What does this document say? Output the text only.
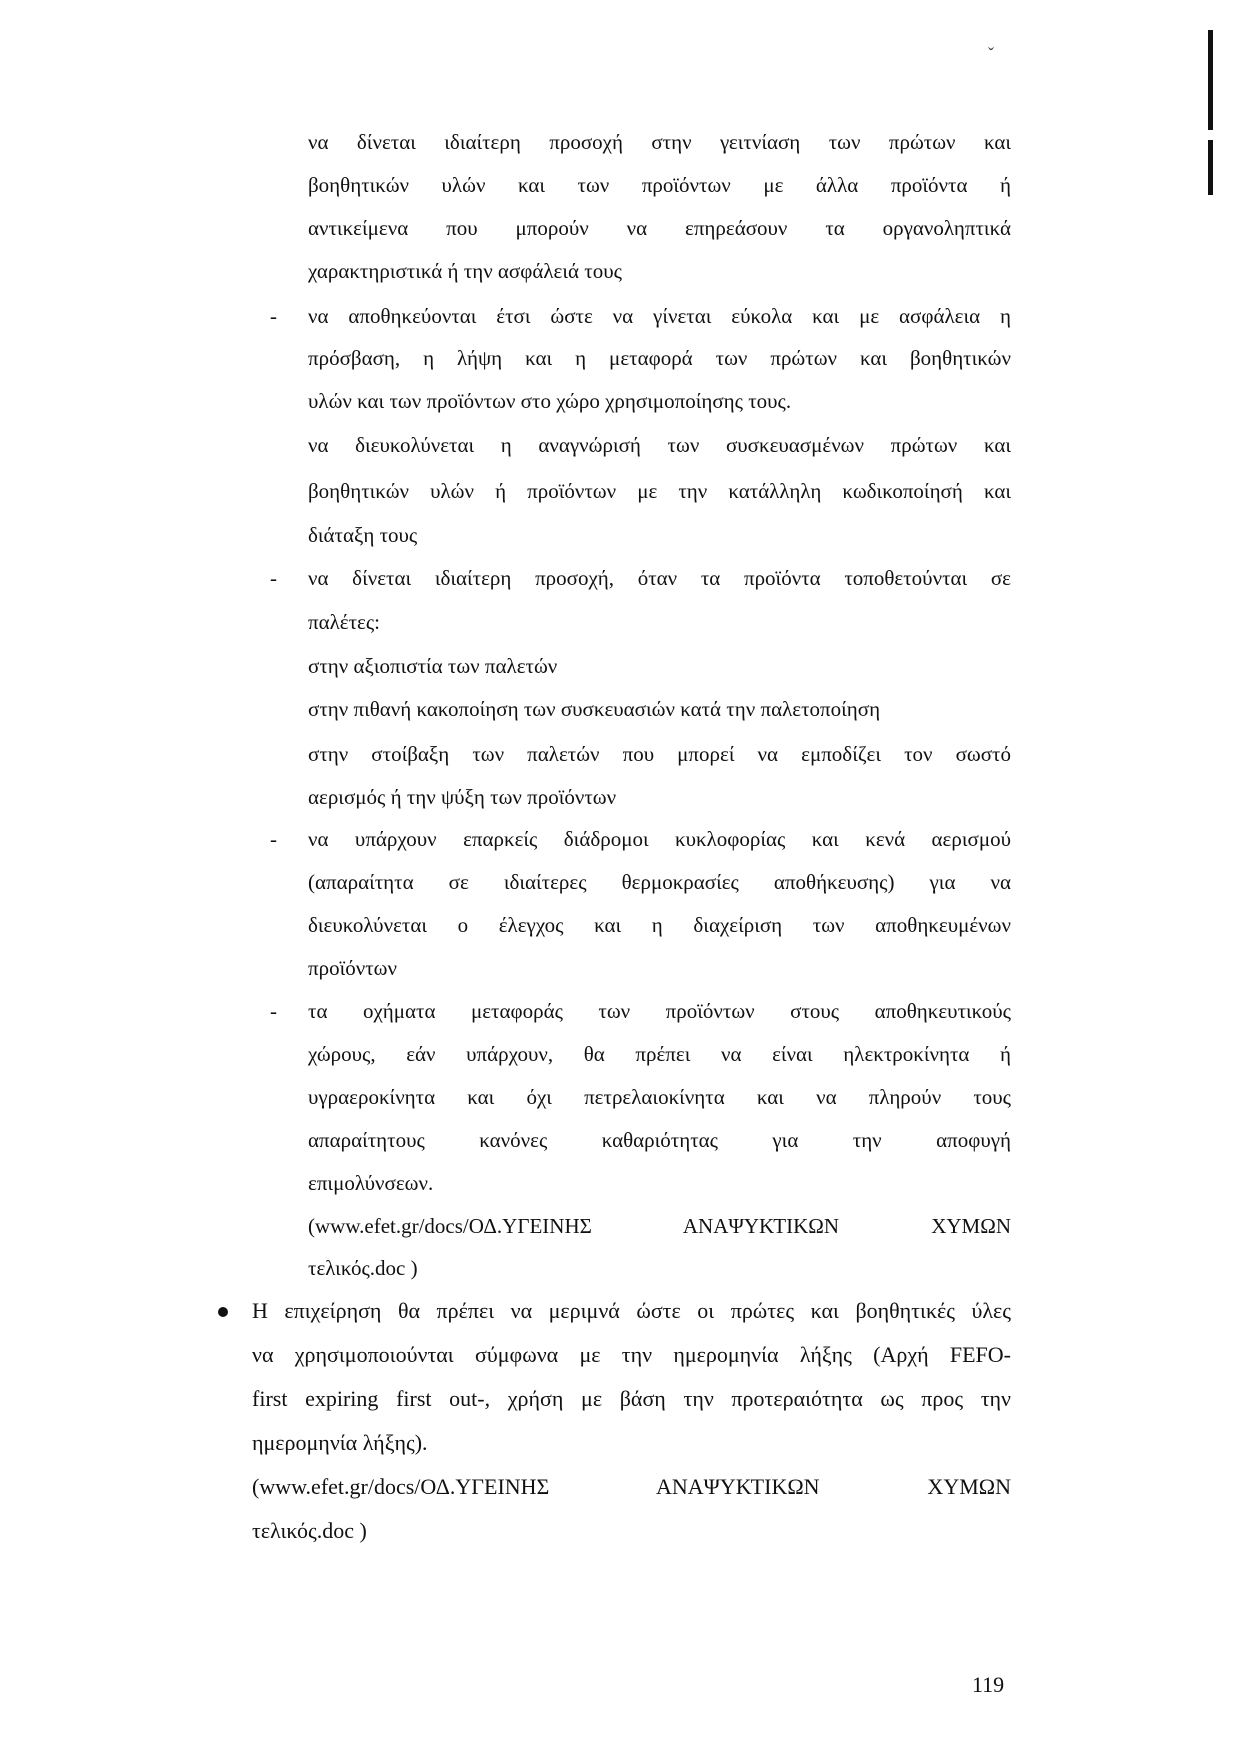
ˇ
να δίνεται ιδιαίτερη προσοχή στην γειτνίαση των πρώτων και
βοηθητικών υλών και των προϊόντων με άλλα προϊόντα ή
αντικείμενα που μπορούν να επηρεάσουν τα οργανοληπτικά
χαρακτηριστικά ή την ασφάλειά τους
- να αποθηκεύονται έτσι ώστε να γίνεται εύκολα και με ασφάλεια η
πρόσβαση, η λήψη και η μεταφορά των πρώτων και βοηθητικών
υλών και των προϊόντων στο χώρο χρησιμοποίησης τους.
να διευκολύνεται η αναγνώρισή των συσκευασμένων πρώτων και
βοηθητικών υλών ή προϊόντων με την κατάλληλη κωδικοποίησή και
διάταξη τους
- να δίνεται ιδιαίτερη προσοχή, όταν τα προϊόντα τοποθετούνται σε
παλέτες:
στην αξιοπιστία των παλετών
στην πιθανή κακοποίηση των συσκευασιών κατά την παλετοποίηση
στην στοίβαξη των παλετών που μπορεί να εμποδίζει τον σωστό
αερισμός ή την ψύξη των προϊόντων
- να υπάρχουν επαρκείς διάδρομοι κυκλοφορίας και κενά αερισμού
(απαραίτητα σε ιδιαίτερες θερμοκρασίες αποθήκευσης) για να
διευκολύνεται ο έλεγχος και η διαχείριση των αποθηκευμένων
προϊόντων
- τα οχήματα μεταφοράς των προϊόντων στους αποθηκευτικούς
χώρους, εάν υπάρχουν, θα πρέπει να είναι ηλεκτροκίνητα ή
υγραεροκίνητα και όχι πετρελαιοκίνητα και να πληρούν τους
απαραίτητους κανόνες καθαριότητας για την αποφυγή
επιμολύνσεων.
(www.efet.gr/docs/ΟΔ.ΥΓΕΙΝΗΣ ΑΝΑΨΥΚΤΙΚΩΝ ΧΥΜΩΝ
τελικός.doc )
Η επιχείρηση θα πρέπει να μεριμνά ώστε οι πρώτες και βοηθητικές ύλες
να χρησιμοποιούνται σύμφωνα με την ημερομηνία λήξης (Αρχή FEFO-
first expiring first out-, χρήση με βάση την προτεραιότητα ως προς την
ημερομηνία λήξης).
(www.efet.gr/docs/ΟΔ.ΥΓΕΙΝΗΣ ΑΝΑΨΥΚΤΙΚΩΝ ΧΥΜΩΝ
τελικός.doc )
119
